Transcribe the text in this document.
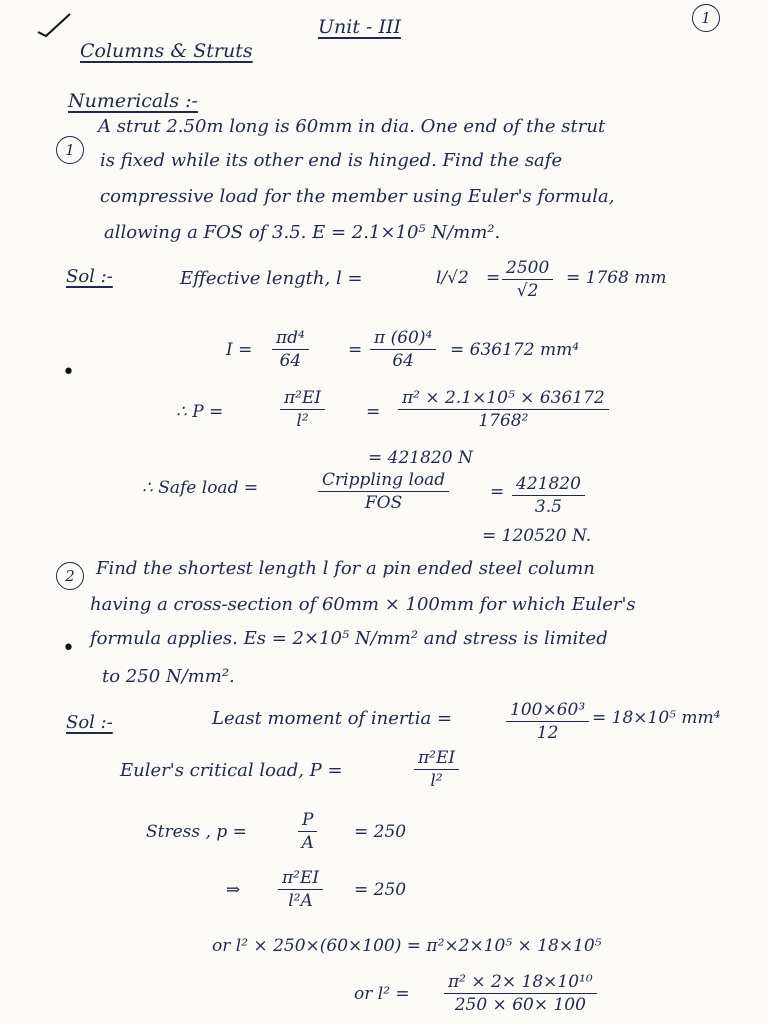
Unit - III	1
Columns & Struts
Numericals :-
1
A strut 2.50m long is 60mm in dia. One end of the strut
is fixed while its other end is hinged. Find the safe
compressive load for the member using Euler's formula,
allowing a FOS of 3.5. E = 2.1×10⁵ N/mm².
Sol :-	Effective length, l =	$l/√2 = \frac{2500}{√2} = 1768$ mm
$I = \frac{\text{πd⁴}}{64} = \frac{\text{π (60)⁴}}{64} = 636172$ mm⁴
•
∴ P =	$\frac{\text{π²EI}}{\text{l²}} = \frac{\text{π² × 2.1×10⁵ × 636172}}{\text{1768²}}$
= 421820 N
∴ Safe load =	Crippling load
FOS
= $\frac{421820}{3.5}$
= 120520 N.
2	Find the shortest length l for a pin ended steel column
having a cross-section of 60mm × 100mm for which Euler's
• formula applies. Es = 2×10⁵ N/mm² and stress is limited
to 250 N/mm².
Sol :-	Least moment of inertia =	$\frac{\text{100×60³}}{12} = 18\times 10^5$ mm⁴
Euler's critical load, P =	$\frac{\text{π²EI}}{\text{l²}}$
Stress , p =	$\frac{P}{A} = 250$
⇒ $\frac{\text{π²EI}}{\text{l²A}} = 250$
or l² × 250×(60×100) = π²×2×10⁵ × 18×10⁵
or $l^2 = \frac{\text{π² × 2× 18×10¹⁰}}{250 \times 60\times 100}$
